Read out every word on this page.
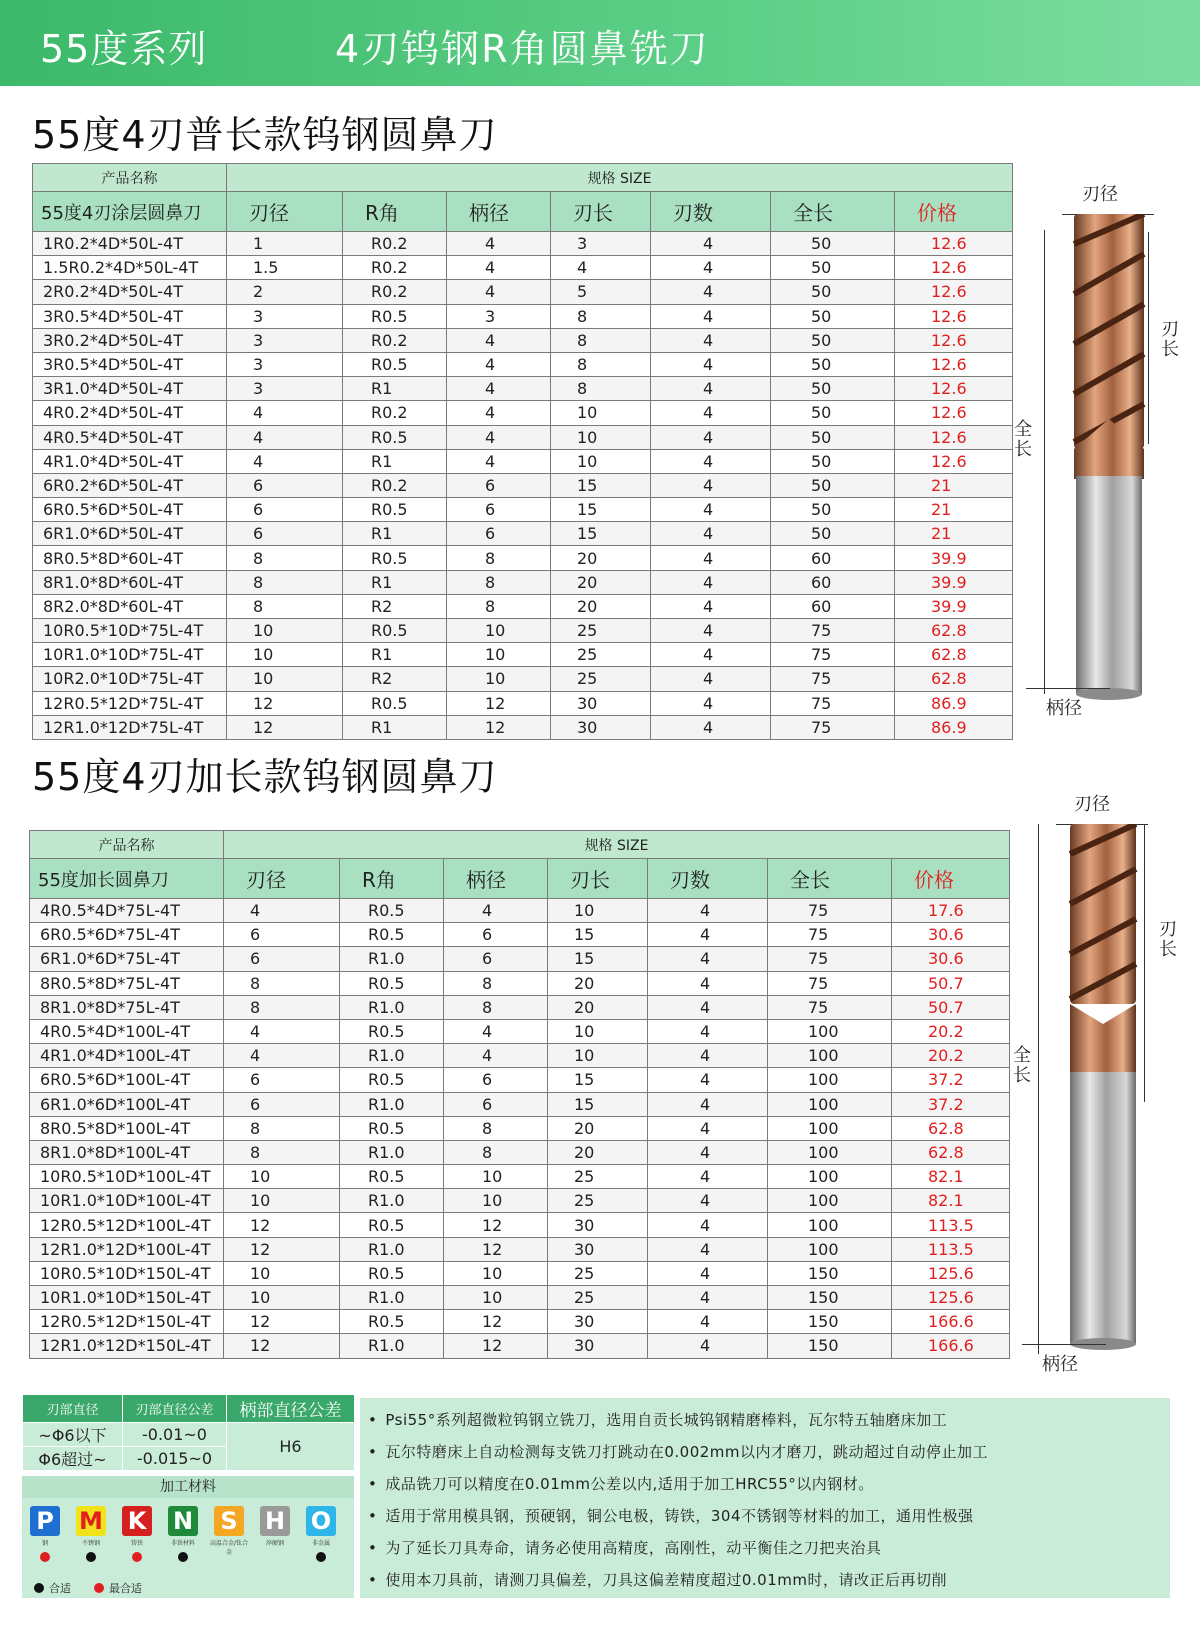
55度系列	4刃钨钢R角圆鼻铣刀
55度4刃普长款钨钢圆鼻刀
产品名称	规格 SIZE						
55度4刃涂层圆鼻刀	刃径	R角	柄径	刃长	刃数	全长	价格
1R0.2*4D*50L-4T	1	R0.2	4	3	4	50	12.6
1.5R0.2*4D*50L-4T	1.5	R0.2	4	4	4	50	12.6
2R0.2*4D*50L-4T	2	R0.2	4	5	4	50	12.6
3R0.5*4D*50L-4T	3	R0.5	3	8	4	50	12.6
3R0.2*4D*50L-4T	3	R0.2	4	8	4	50	12.6
3R0.5*4D*50L-4T	3	R0.5	4	8	4	50	12.6
3R1.0*4D*50L-4T	3	R1	4	8	4	50	12.6
4R0.2*4D*50L-4T	4	R0.2	4	10	4	50	12.6
4R0.5*4D*50L-4T	4	R0.5	4	10	4	50	12.6
4R1.0*4D*50L-4T	4	R1	4	10	4	50	12.6
6R0.2*6D*50L-4T	6	R0.2	6	15	4	50	21
6R0.5*6D*50L-4T	6	R0.5	6	15	4	50	21
6R1.0*6D*50L-4T	6	R1	6	15	4	50	21
8R0.5*8D*60L-4T	8	R0.5	8	20	4	60	39.9
8R1.0*8D*60L-4T	8	R1	8	20	4	60	39.9
8R2.0*8D*60L-4T	8	R2	8	20	4	60	39.9
10R0.5*10D*75L-4T	10	R0.5	10	25	4	75	62.8
10R1.0*10D*75L-4T	10	R1	10	25	4	75	62.8
10R2.0*10D*75L-4T	10	R2	10	25	4	75	62.8
12R0.5*12D*75L-4T	12	R0.5	12	30	4	75	86.9
12R1.0*12D*75L-4T	12	R1	12	30	4	75	86.9
55度4刃加长款钨钢圆鼻刀
产品名称	规格 SIZE						
55度加长圆鼻刀	刃径	R角	柄径	刃长	刃数	全长	价格
4R0.5*4D*75L-4T	4	R0.5	4	10	4	75	17.6
6R0.5*6D*75L-4T	6	R0.5	6	15	4	75	30.6
6R1.0*6D*75L-4T	6	R1.0	6	15	4	75	30.6
8R0.5*8D*75L-4T	8	R0.5	8	20	4	75	50.7
8R1.0*8D*75L-4T	8	R1.0	8	20	4	75	50.7
4R0.5*4D*100L-4T	4	R0.5	4	10	4	100	20.2
4R1.0*4D*100L-4T	4	R1.0	4	10	4	100	20.2
6R0.5*6D*100L-4T	6	R0.5	6	15	4	100	37.2
6R1.0*6D*100L-4T	6	R1.0	6	15	4	100	37.2
8R0.5*8D*100L-4T	8	R0.5	8	20	4	100	62.8
8R1.0*8D*100L-4T	8	R1.0	8	20	4	100	62.8
10R0.5*10D*100L-4T	10	R0.5	10	25	4	100	82.1
10R1.0*10D*100L-4T	10	R1.0	10	25	4	100	82.1
12R0.5*12D*100L-4T	12	R0.5	12	30	4	100	113.5
12R1.0*12D*100L-4T	12	R1.0	12	30	4	100	113.5
10R0.5*10D*150L-4T	10	R0.5	10	25	4	150	125.6
10R1.0*10D*150L-4T	10	R1.0	10	25	4	150	125.6
12R0.5*12D*150L-4T	12	R0.5	12	30	4	150	166.6
12R1.0*12D*150L-4T	12	R1.0	12	30	4	150	166.6
刃径
全长
刃长
柄径
刃径
全长
刃长
柄径
刃部直径	刃部直径公差	柄部直径公差
~Φ6以下	-0.01~0	H6
Φ6超过~	-0.015~0	
加工材料
合适	最合适
P
钢
M
不锈钢
K
铸铁
N
非铁材料
S
高温合金/钛合金
H
淬硬钢
O
非金属
• Psi55°系列超微粒钨钢立铣刀，选用自贡长城钨钢精磨棒料，瓦尔特五轴磨床加工
• 瓦尔特磨床上自动检测每支铣刀打跳动在0.002mm以内才磨刀，跳动超过自动停止加工
• 成品铣刀可以精度在0.01mm公差以内,适用于加工HRC55°以内钢材。
• 适用于常用模具钢，预硬钢，铜公电极，铸铁，304不锈钢等材料的加工，通用性极强
• 为了延长刀具寿命，请务必使用高精度，高刚性，动平衡佳之刀把夹治具
• 使用本刀具前，请测刀具偏差，刀具这偏差精度超过0.01mm时，请改正后再切削
